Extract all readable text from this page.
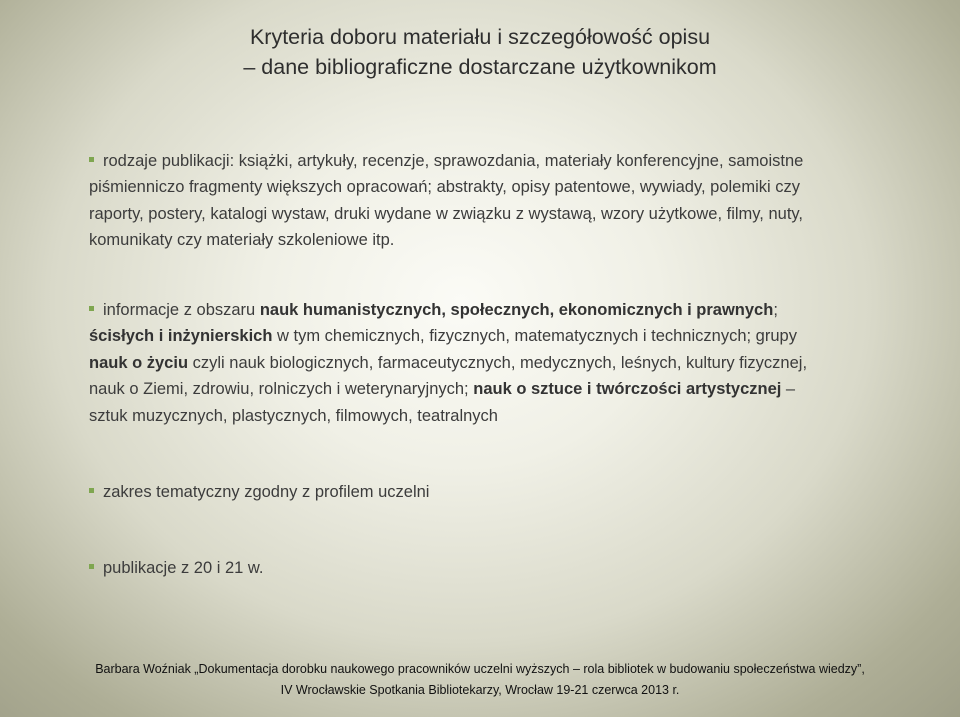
Kryteria doboru materiału i szczegółowość opisu
– dane bibliograficzne dostarczane użytkownikom
rodzaje publikacji: książki, artykuły, recenzje, sprawozdania, materiały konferencyjne, samoistne piśmienniczo fragmenty większych opracowań; abstrakty, opisy patentowe, wywiady, polemiki czy raporty, postery, katalogi wystaw, druki wydane w związku z wystawą, wzory użytkowe, filmy, nuty, komunikaty czy materiały szkoleniowe itp.
informacje z obszaru nauk humanistycznych, społecznych, ekonomicznych i prawnych; ścisłych i inżynierskich w tym chemicznych, fizycznych, matematycznych i technicznych; grupy nauk o życiu czyli nauk biologicznych, farmaceutycznych, medycznych, leśnych, kultury fizycznej, nauk o Ziemi, zdrowiu, rolniczych i weterynaryjnych; nauk o sztuce i twórczości artystycznej – sztuk muzycznych, plastycznych, filmowych, teatralnych
zakres tematyczny zgodny z profilem uczelni
publikacje z 20 i 21 w.
Barbara Woźniak „Dokumentacja dorobku naukowego pracowników uczelni wyższych – rola bibliotek w budowaniu społeczeństwa wiedzy”,
IV Wrocławskie Spotkania Bibliotekarzy, Wrocław 19-21 czerwca 2013 r.
